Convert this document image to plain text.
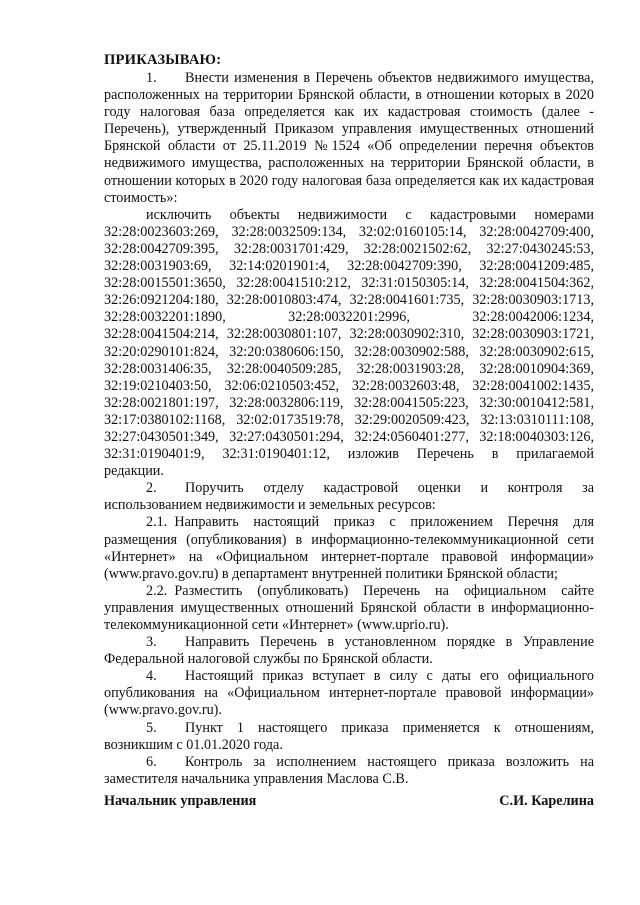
ПРИКАЗЫВАЮ:

1.  Внести изменения в Перечень объектов недвижимого имущества, расположенных на территории Брянской области, в отношении которых в 2020 году налоговая база определяется как их кадастровая стоимость (далее - Перечень), утвержденный Приказом управления имущественных отношений Брянской области от 25.11.2019 №1524 «Об определении перечня объектов недвижимого имущества, расположенных на территории Брянской области, в отношении которых в 2020 году налоговая база определяется как их кадастровая стоимость»:

исключить объекты недвижимости с кадастровыми номерами

32:28:0023603:269, 32:28:0032509:134, 32:02:0160105:14, 32:28:0042709:400, 32:28:0042709:395, 32:28:0031701:429, 32:28:0021502:62, 32:27:0430245:53, 32:28:0031903:69, 32:14:0201901:4, 32:28:0042709:390, 32:28:0041209:485, 32:28:0015501:3650, 32:28:0041510:212, 32:31:0150305:14, 32:28:0041504:362, 32:26:0921204:180, 32:28:0010803:474, 32:28:0041601:735, 32:28:0030903:1713, 32:28:0032201:1890, 32:28:0032201:2996, 32:28:0042006:1234, 32:28:0041504:214, 32:28:0030801:107, 32:28:0030902:310, 32:28:0030903:1721, 32:20:0290101:824, 32:20:0380606:150, 32:28:0030902:588, 32:28:0030902:615, 32:28:0031406:35, 32:28:0040509:285, 32:28:0031903:28, 32:28:0010904:369, 32:19:0210403:50, 32:06:0210503:452, 32:28:0032603:48, 32:28:0041002:1435, 32:28:0021801:197, 32:28:0032806:119, 32:28:0041505:223, 32:30:0010412:581, 32:17:0380102:1168, 32:02:0173519:78, 32:29:0020509:423, 32:13:0310111:108, 32:27:0430501:349, 32:27:0430501:294, 32:24:0560401:277, 32:18:0040303:126, 32:31:0190401:9, 32:31:0190401:12, изложив Перечень в прилагаемой редакции.

2.  Поручить отделу кадастровой оценки и контроля за использованием недвижимости и земельных ресурсов:

2.1. Направить настоящий приказ с приложением Перечня для размещения (опубликования) в информационно-телекоммуникационной сети «Интернет» на «Официальном интернет-портале правовой информации» (www.pravo.gov.ru) в департамент внутренней политики Брянской области;

2.2. Разместить (опубликовать) Перечень на официальном сайте управления имущественных отношений Брянской области в информационно-телекоммуникационной сети «Интернет» (www.uprio.ru).

3.  Направить Перечень в установленном порядке в Управление Федеральной налоговой службы по Брянской области.

4.  Настоящий приказ вступает в силу с даты его официального опубликования на «Официальном интернет-портале правовой информации» (www.pravo.gov.ru).

5.  Пункт 1 настоящего приказа применяется к отношениям, возникшим с 01.01.2020 года.

6.  Контроль за исполнением настоящего приказа возложить на заместителя начальника управления Маслова С.В.

Начальник управления	С.И. Карелина
